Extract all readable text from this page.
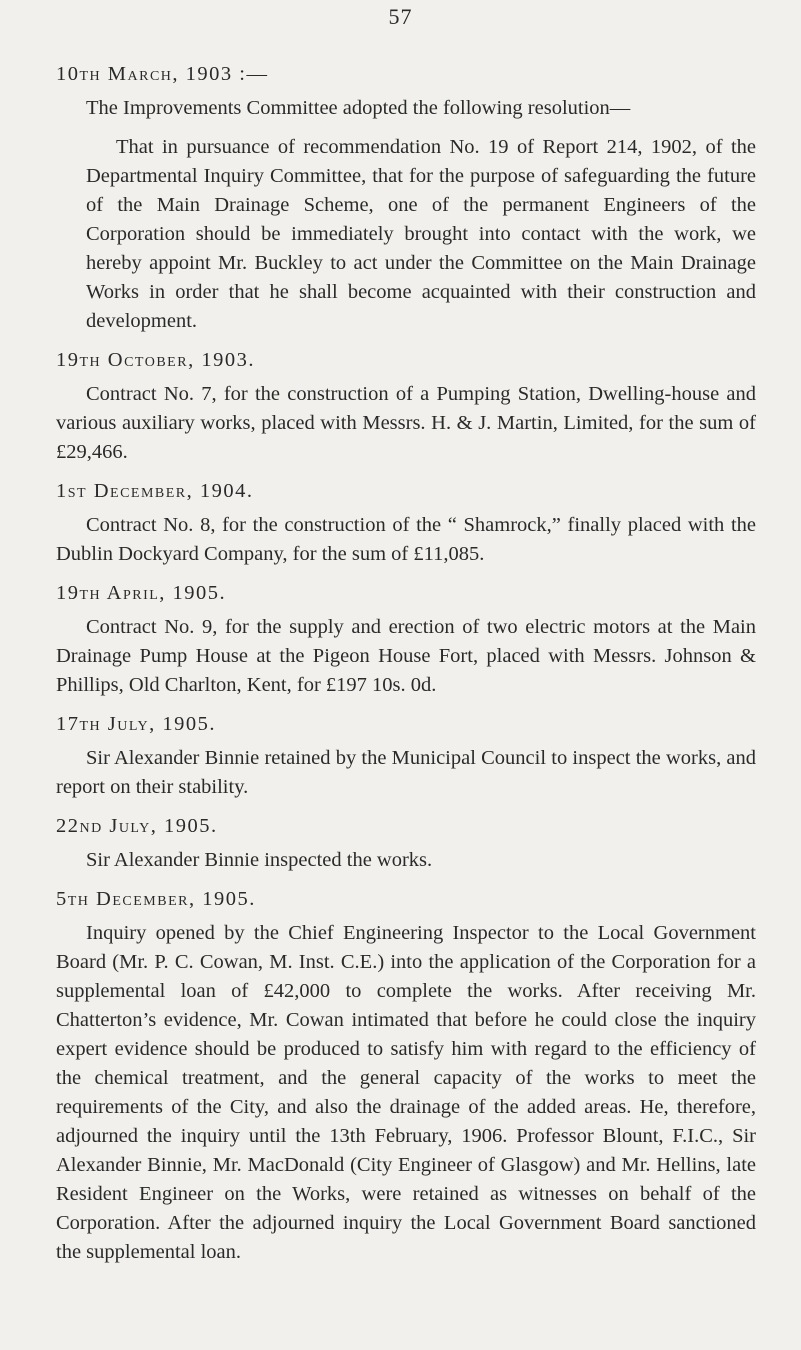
57
10th March, 1903 :—

The Improvements Committee adopted the following resolution—

That in pursuance of recommendation No. 19 of Report 214, 1902, of the Departmental Inquiry Committee, that for the purpose of safeguarding the future of the Main Drainage Scheme, one of the permanent Engineers of the Corporation should be immediately brought into contact with the work, we hereby appoint Mr. Buckley to act under the Committee on the Main Drainage Works in order that he shall become acquainted with their construction and development.

19th October, 1903.

Contract No. 7, for the construction of a Pumping Station, Dwelling-house and various auxiliary works, placed with Messrs. H. & J. Martin, Limited, for the sum of £29,466.

1st December, 1904.

Contract No. 8, for the construction of the “ Shamrock,” finally placed with the Dublin Dockyard Company, for the sum of £11,085.

19th April, 1905.

Contract No. 9, for the supply and erection of two electric motors at the Main Drainage Pump House at the Pigeon House Fort, placed with Messrs. Johnson & Phillips, Old Charlton, Kent, for £197 10s. 0d.

17th July, 1905.

Sir Alexander Binnie retained by the Municipal Council to inspect the works, and report on their stability.

22nd July, 1905.

Sir Alexander Binnie inspected the works.

5th December, 1905.

Inquiry opened by the Chief Engineering Inspector to the Local Government Board (Mr. P. C. Cowan, M. Inst. C.E.) into the application of the Corporation for a supplemental loan of £42,000 to complete the works. After receiving Mr. Chatterton’s evidence, Mr. Cowan intimated that before he could close the inquiry expert evidence should be produced to satisfy him with regard to the efficiency of the chemical treatment, and the general capacity of the works to meet the requirements of the City, and also the drainage of the added areas. He, therefore, adjourned the inquiry until the 13th February, 1906. Professor Blount, F.I.C., Sir Alexander Binnie, Mr. MacDonald (City Engineer of Glasgow) and Mr. Hellins, late Resident Engineer on the Works, were retained as witnesses on behalf of the Corporation. After the adjourned inquiry the Local Government Board sanctioned the supplemental loan.
